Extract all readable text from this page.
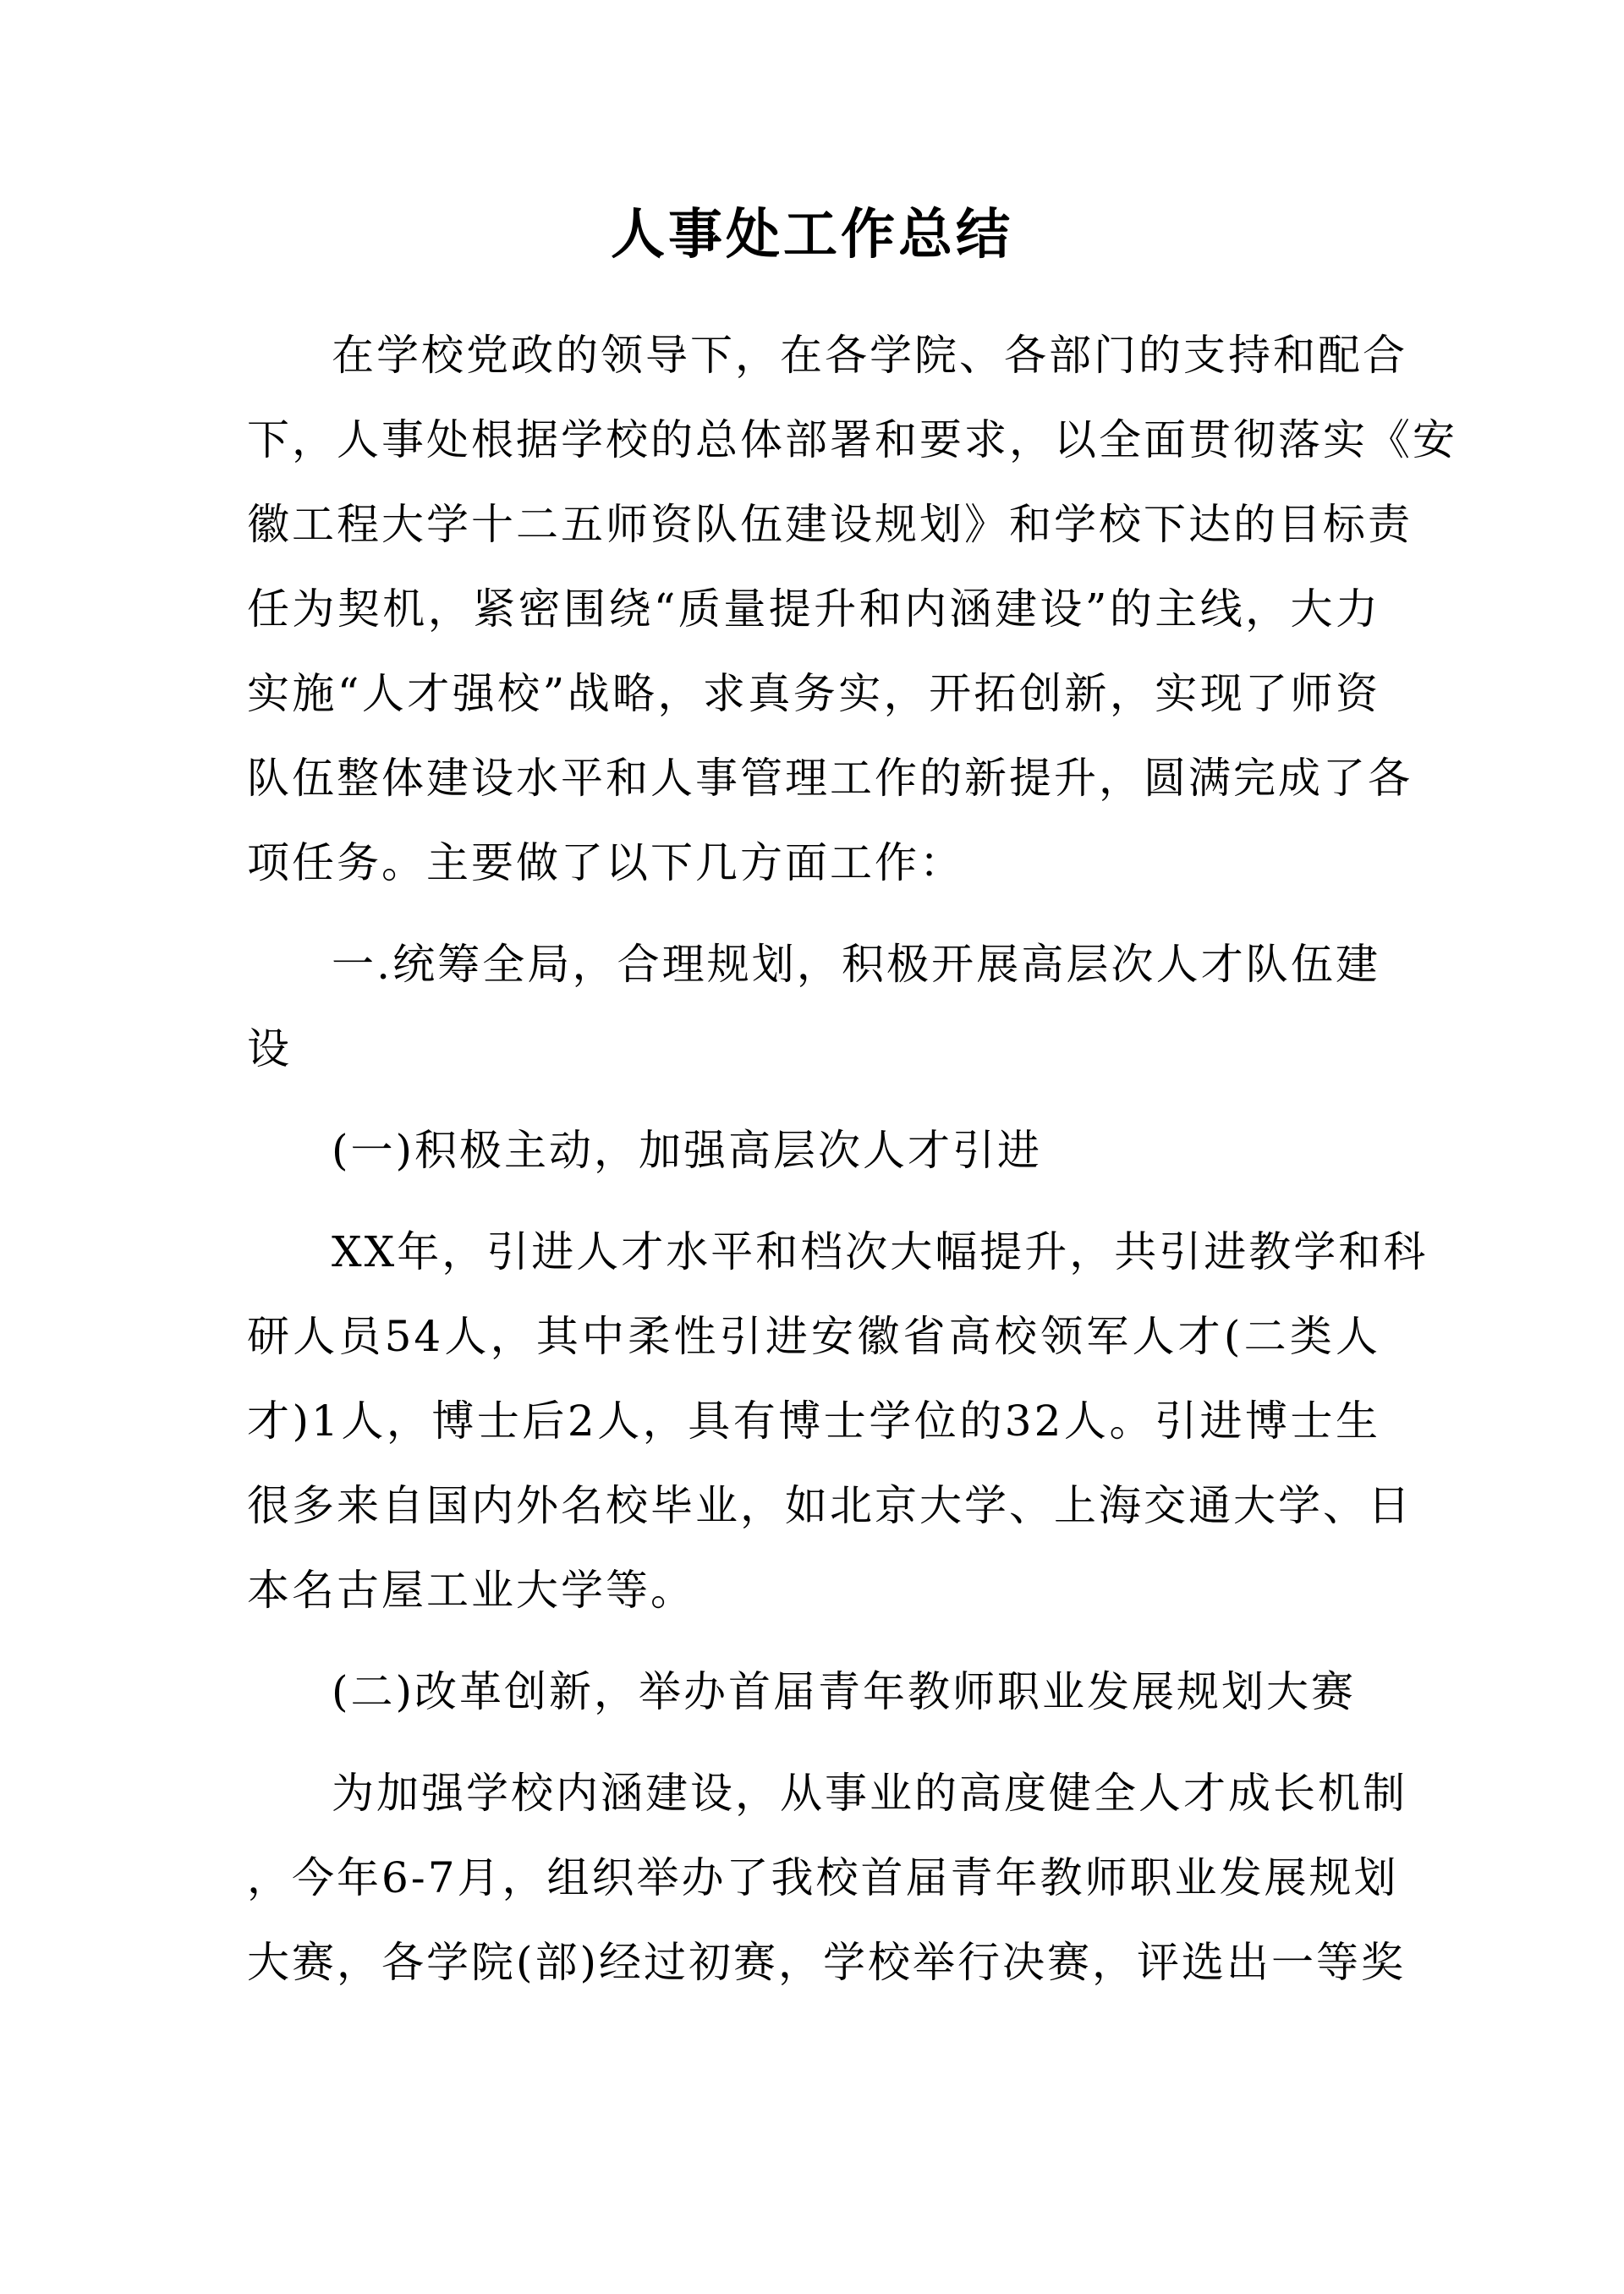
人事处工作总结
在学校党政的领导下，在各学院、各部门的支持和配合
下，人事处根据学校的总体部署和要求，以全面贯彻落实《安
徽工程大学十二五师资队伍建设规划》和学校下达的目标责
任为契机，紧密围绕“质量提升和内涵建设”的主线，大力
实施“人才强校”战略，求真务实，开拓创新，实现了师资
队伍整体建设水平和人事管理工作的新提升，圆满完成了各
项任务。主要做了以下几方面工作：
一.统筹全局，合理规划，积极开展高层次人才队伍建
设
(一)积极主动，加强高层次人才引进
XX年，引进人才水平和档次大幅提升，共引进教学和科
研人员54人，其中柔性引进安徽省高校领军人才(二类人
才)1人，博士后2人，具有博士学位的32人。引进博士生
很多来自国内外名校毕业，如北京大学、上海交通大学、日
本名古屋工业大学等。
(二)改革创新，举办首届青年教师职业发展规划大赛
为加强学校内涵建设，从事业的高度健全人才成长机制
，今年6-7月，组织举办了我校首届青年教师职业发展规划
大赛，各学院(部)经过初赛，学校举行决赛，评选出一等奖
